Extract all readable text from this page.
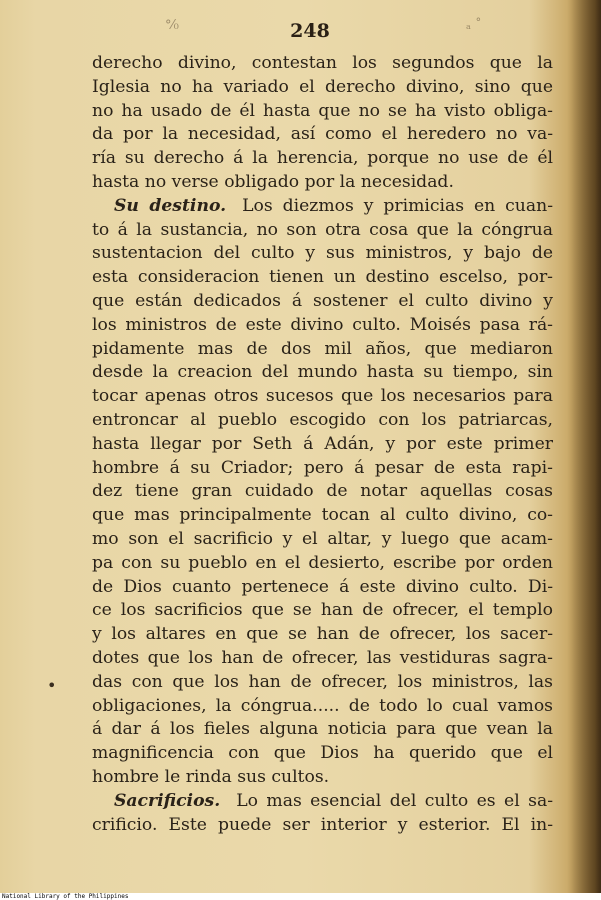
°⁄₀	248	ₐ ˚
•
derecho divino, contestan los segundos que la
Iglesia no ha variado el derecho divino, sino que
no ha usado de él hasta que no se ha visto obliga-
da por la necesidad, así como el heredero no va-
ría su derecho á la herencia, porque no use de él
hasta no verse obligado por la necesidad.
Su destino. Los diezmos y primicias en cuan-
to á la sustancia, no son otra cosa que la cóngrua
sustentacion del culto y sus ministros, y bajo de
esta consideracion tienen un destino escelso, por-
que están dedicados á sostener el culto divino y
los ministros de este divino culto. Moisés pasa rá-
pidamente mas de dos mil años, que mediaron
desde la creacion del mundo hasta su tiempo, sin
tocar apenas otros sucesos que los necesarios para
entroncar al pueblo escogido con los patriarcas,
hasta llegar por Seth á Adán, y por este primer
hombre á su Criador; pero á pesar de esta rapi-
dez tiene gran cuidado de notar aquellas cosas
que mas principalmente tocan al culto divino, co-
mo son el sacrificio y el altar, y luego que acam-
pa con su pueblo en el desierto, escribe por orden
de Dios cuanto pertenece á este divino culto. Di-
ce los sacrificios que se han de ofrecer, el templo
y los altares en que se han de ofrecer, los sacer-
dotes que los han de ofrecer, las vestiduras sagra-
das con que los han de ofrecer, los ministros, las
obligaciones, la cóngrua..... de todo lo cual vamos
á dar á los fieles alguna noticia para que vean la
magnificencia con que Dios ha querido que el
hombre le rinda sus cultos.
Sacrificios. Lo mas esencial del culto es el sa-
crificio. Este puede ser interior y esterior. El in-
National Library of the Philippines
